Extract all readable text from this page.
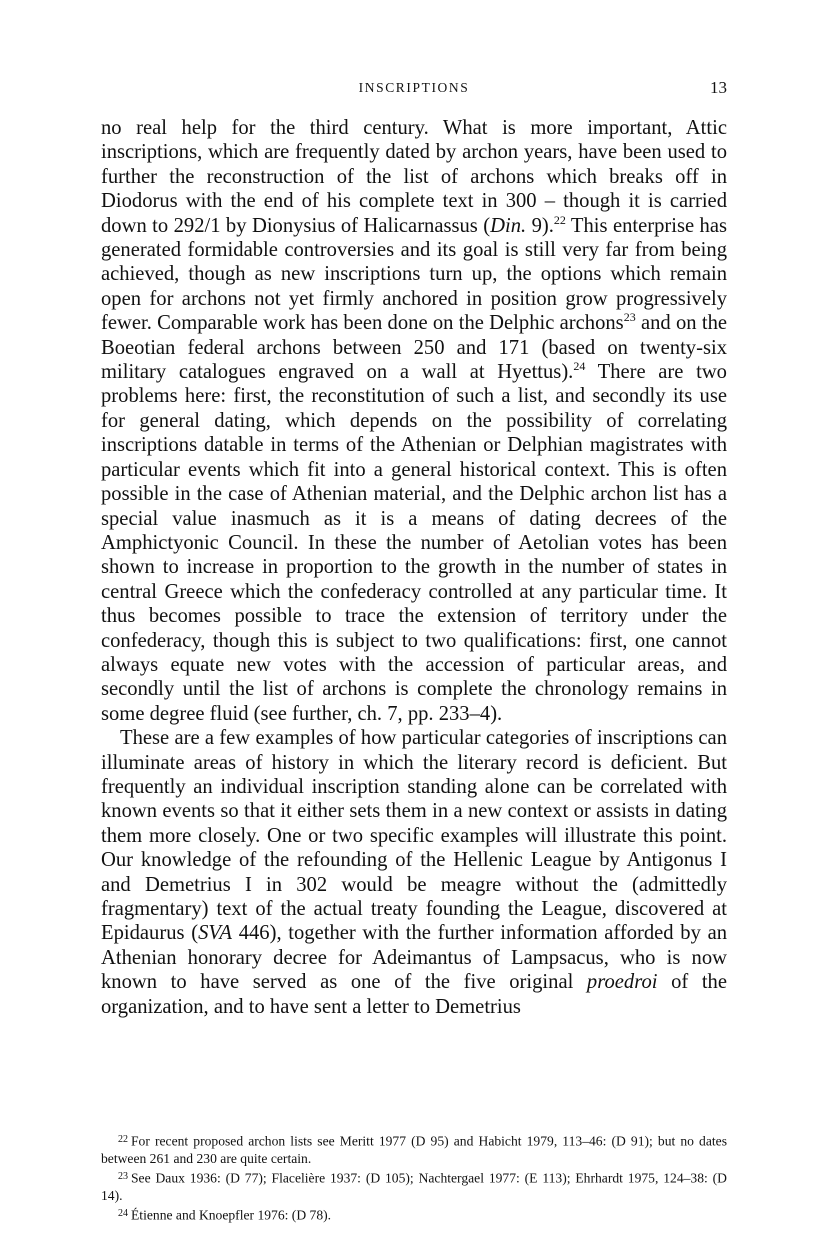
INSCRIPTIONS	13

no real help for the third century. What is more important, Attic inscriptions, which are frequently dated by archon years, have been used to further the reconstruction of the list of archons which breaks off in Diodorus with the end of his complete text in 300 – though it is carried down to 292/1 by Dionysius of Halicarnassus (Din. 9).$^{22}$ This enterprise has generated formidable controversies and its goal is still very far from being achieved, though as new inscriptions turn up, the options which remain open for archons not yet firmly anchored in position grow progressively fewer. Comparable work has been done on the Delphic archons$^{23}$ and on the Boeotian federal archons between 250 and 171 (based on twenty-six military catalogues engraved on a wall at Hyettus).$^{24}$ There are two problems here: first, the reconstitution of such a list, and secondly its use for general dating, which depends on the possibility of correlating inscriptions datable in terms of the Athenian or Delphian magistrates with particular events which fit into a general historical context. This is often possible in the case of Athenian material, and the Delphic archon list has a special value inasmuch as it is a means of dating decrees of the Amphictyonic Council. In these the number of Aetolian votes has been shown to increase in proportion to the growth in the number of states in central Greece which the confederacy controlled at any particular time. It thus becomes possible to trace the extension of territory under the confederacy, though this is subject to two qualifications: first, one cannot always equate new votes with the accession of particular areas, and secondly until the list of archons is complete the chronology remains in some degree fluid (see further, ch. 7, pp. 233–4).

These are a few examples of how particular categories of inscriptions can illuminate areas of history in which the literary record is deficient. But frequently an individual inscription standing alone can be correlated with known events so that it either sets them in a new context or assists in dating them more closely. One or two specific examples will illustrate this point. Our knowledge of the refounding of the Hellenic League by Antigonus I and Demetrius I in 302 would be meagre without the (admittedly fragmentary) text of the actual treaty founding the League, discovered at Epidaurus (SVA 446), together with the further information afforded by an Athenian honorary decree for Adeimantus of Lampsacus, who is now known to have served as one of the five original proedroi of the organization, and to have sent a letter to Demetrius

$^{22}$ For recent proposed archon lists see Meritt 1977 (D 95) and Habicht 1979, 113–46: (D 91); but no dates between 261 and 230 are quite certain.

$^{23}$ See Daux 1936: (D 77); Flacelière 1937: (D 105); Nachtergael 1977: (E 113); Ehrhardt 1975, 124–38: (D 14).

$^{24}$ Étienne and Knoepfler 1976: (D 78).
